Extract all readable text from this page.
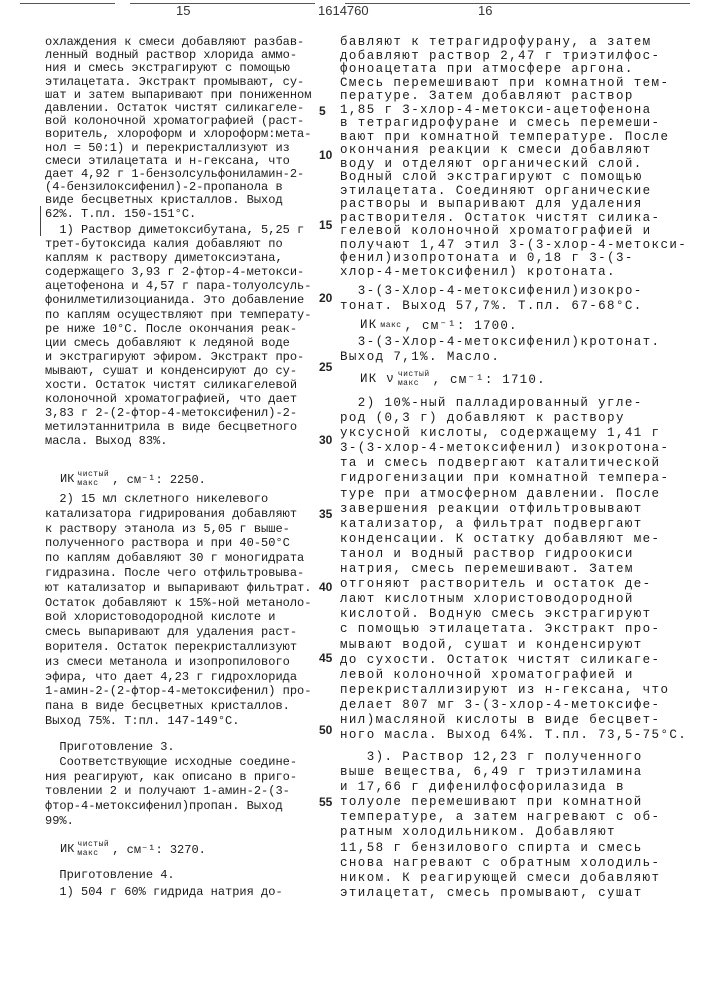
15	1614760	16
охлаждения к смеси добавляют разбав-
ленный водный раствор хлорида аммо-
ния и смесь экстрагируют с помощью
этилацетата. Экстракт промывают, су-
шат и затем выпаривают при пониженном
давлении. Остаток чистят силикагеле-
вой колоночной хроматографией (раст-
воритель, хлороформ и хлороформ:мета-
нол = 50:1) и перекристаллизуют из
смеси этилацетата и н-гексана, что
дает 4,92 г 1-бензолсульфониламин-2-
(4-бензилоксифенил)-2-пропанола в
виде бесцветных кристаллов. Выход
62%. Т.пл. 150-151°С.
1) Раствор диметоксибутана, 5,25 г
трет-бутоксида калия добавляют по
каплям к раствору диметоксиэтана,
содержащего 3,93 г 2-фтор-4-метокси-
ацетофенона и 4,57 г пара-толуолсуль-
фонилметилизоцианида. Это добавление
по каплям осуществляют при температу-
ре ниже 10°С. После окончания реак-
ции смесь добавляют к ледяной воде
и экстрагируют эфиром. Экстракт про-
мывают, сушат и конденсируют до су-
хости. Остаток чистят силикагелевой
колоночной хроматографией, что дает
3,83 г 2-(2-фтор-4-метоксифенил)-2-
метилэтаннитрила в виде бесцветного
масла. Выход 83%.
2) 15 мл склетного никелевого
катализатора гидрирования добавляют
к раствору этанола из 5,05 г выше-
полученного раствора и при 40-50°С
по каплям добавляют 30 г моногидрата
гидразина. После чего отфильтровыва-
ют катализатор и выпаривают фильтрат.
Остаток добавляют к 15%-ной метаноло-
вой хлористоводородной кислоте и
смесь выпаривают для удаления раст-
ворителя. Остаток перекристаллизуют
из смеси метанола и изопропилового
эфира, что дает 4,23 г гидрохлорида
1-амин-2-(2-фтор-4-метоксифенил) про-
пана в виде бесцветных кристаллов.
Выход 75%. Т:пл. 147-149°С.
Приготовление 3.
Соответствующие исходные соедине-
ния реагируют, как описано в приго-
товлении 2 и получают 1-амин-2-(3-
фтор-4-метоксифенил)пропан. Выход
99%.
Приготовление 4.
1) 504 г 60% гидрида натрия до-
ИК чистый
макс	, см⁻¹: 2250.
ИК чистый
макс	, см⁻¹: 3270.
бавляют к тетрагидрофурану, а затем
добавляют раствор 2,47 г триэтилфос-
фоноацетата при атмосфере аргона.
Смесь перемешивают при комнатной тем-
пературе. Затем добавляют раствор
1,85 г 3-хлор-4-метокси-ацетофенона
в тетрагидрофуране и смесь перемеши-
вают при комнатной температуре. После
окончания реакции к смеси добавляют
воду и отделяют органический слой.
Водный слой экстрагируют с помощью
этилацетата. Соединяют органические
растворы и выпаривают для удаления
растворителя. Остаток чистят силика-
гелевой колоночной хроматографией и
получают 1,47 этил 3-(3-хлор-4-метокси-
фенил)изопротоната и 0,18 г 3-(3-
хлор-4-метоксифенил) кротоната.
3-(3-Хлор-4-метоксифенил)изокро-
тонат. Выход 57,7%. Т.пл. 67-68°С.
3-(3-Хлор-4-метоксифенил)кротонат.
Выход 7,1%. Масло.
2) 10%-ный палладированный угле-
род (0,3 г) добавляют к раствору
уксусной кислоты, содержащему 1,41 г
3-(3-хлор-4-метоксифенил) изокротона-
та и смесь подвергают каталитической
гидрогенизации при комнатной темпера-
туре при атмосферном давлении. После
завершения реакции отфильтровывают
катализатор, а фильтрат подвергают
конденсации. К остатку добавляют ме-
танол и водный раствор гидроокиси
натрия, смесь перемешивают. Затем
отгоняют растворитель и остаток де-
лают кислотным хлористоводородной
кислотой. Водную смесь экстрагируют
с помощью этилацетата. Экстракт про-
мывают водой, сушат и конденсируют
до сухости. Остаток чистят силикаге-
левой колоночной хроматографией и
перекристаллизируют из н-гексана, что
делает 807 мг 3-(3-хлор-4-метоксифе-
нил)масляной кислоты в виде бесцвет-
ного масла. Выход 64%. Т.пл. 73,5-75°С.
3). Раствор 12,23 г полученного
выше вещества, 6,49 г триэтиламина
и 17,66 г дифенилфосфорилазида в
толуоле перемешивают при комнатной
температуре, а затем нагревают с об-
ратным холодильником. Добавляют
11,58 г бензилового спирта и смесь
снова нагревают с обратным холодиль-
ником. К реагирующей смеси добавляют
этилацетат, смесь промывают, сушат
ИК макс , см⁻¹: 1700.
ИК ν чистый
макс	, см⁻¹: 1710.
5
10
15
20
25
30
35
40
45
50
55
